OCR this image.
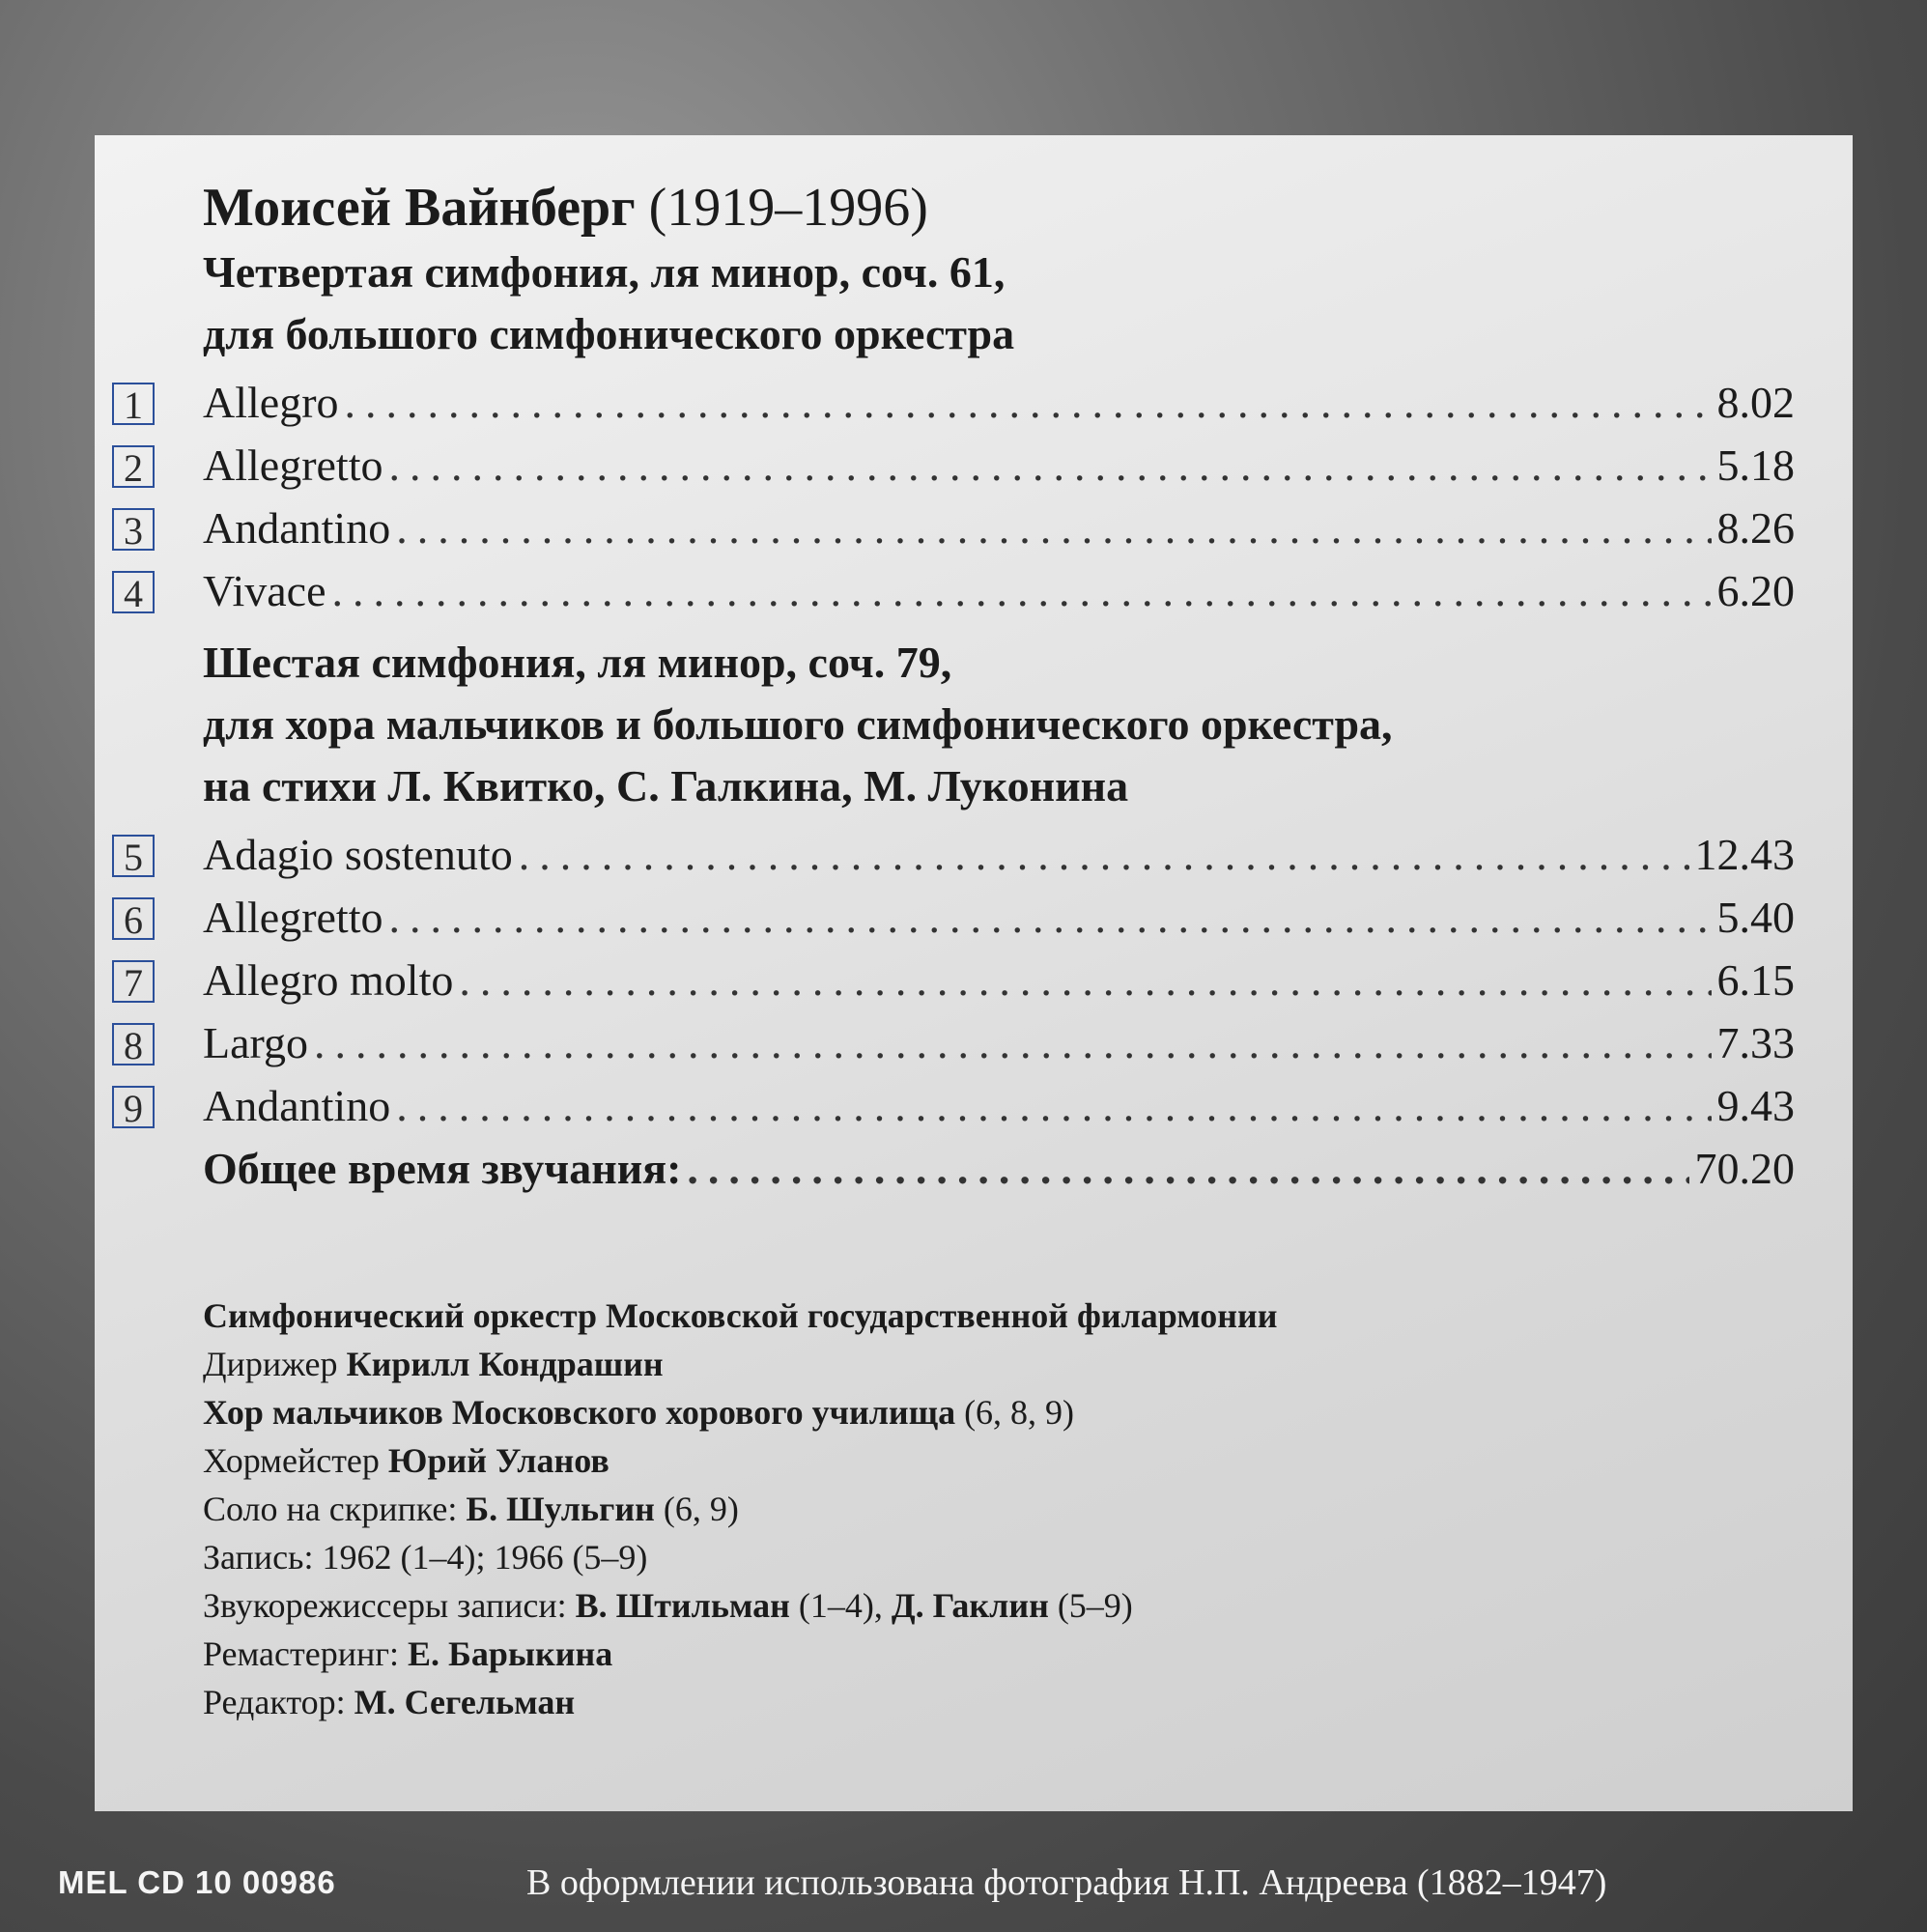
Моисей Вайнберг (1919–1996)

Четвертая симфония, ля минор, соч. 61,

для большого симфонического оркестра

1 Allegro .....	8.02
2 Allegretto .....	5.18
3 Andantino .....	8.26
4 Vivace .....	6.20

Шестая симфония, ля минор, соч. 79,

для хора мальчиков и большого симфонического оркестра,

на стихи Л. Квитко, С. Галкина, М. Луконина

5 Adagio sostenuto .....	12.43
6 Allegretto .....	5.40
7 Allegro molto .....	6.15
8 Largo .....	7.33
9 Andantino .....	9.43
Общее время звучания: .....	70.20
Симфонический оркестр Московской государственной филармонии
Дирижер Кирилл Кондрашин
Хор мальчиков Московского хорового училища (6, 8, 9)
Хормейстер Юрий Уланов
Соло на скрипке: Б. Шульгин (6, 9)
Запись: 1962 (1–4); 1966 (5–9)
Звукорежиссеры записи: В. Штильман (1–4), Д. Гаклин (5–9)
Ремастеринг: Е. Барыкина
Редактор: М. Сегельман
MEL CD 10 00986	В оформлении использована фотография Н.П. Андреева (1882–1947)
